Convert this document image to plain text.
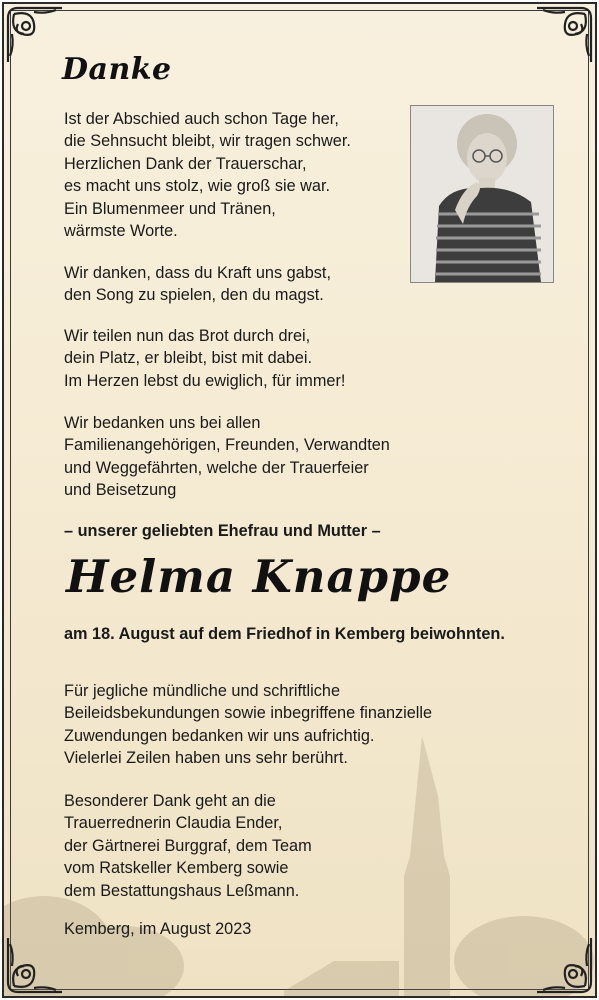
Danke
Ist der Abschied auch schon Tage her,
die Sehnsucht bleibt, wir tragen schwer.
Herzlichen Dank der Trauerschar,
es macht uns stolz, wie groß sie war.
Ein Blumenmeer und Tränen,
wärmste Worte.
Wir danken, dass du Kraft uns gabst,
den Song zu spielen, den du magst.
Wir teilen nun das Brot durch drei,
dein Platz, er bleibt, bist mit dabei.
Im Herzen lebst du ewiglich, für immer!
Wir bedanken uns bei allen
Familienangehörigen, Freunden, Verwandten
und Weggefährten, welche der Trauerfeier
und Beisetzung
– unserer geliebten Ehefrau und Mutter –
Helma Knappe
am 18. August auf dem Friedhof in Kemberg beiwohnten.
Für jegliche mündliche und schriftliche
Beileidsbekundungen sowie inbegriffene finanzielle
Zuwendungen bedanken wir uns aufrichtig.
Vielerlei Zeilen haben uns sehr berührt.
Besonderer Dank geht an die
Trauerrednerin Claudia Ender,
der Gärtnerei Burggraf, dem Team
vom Ratskeller Kemberg sowie
dem Bestattungshaus Leßmann.
Kemberg, im August 2023
